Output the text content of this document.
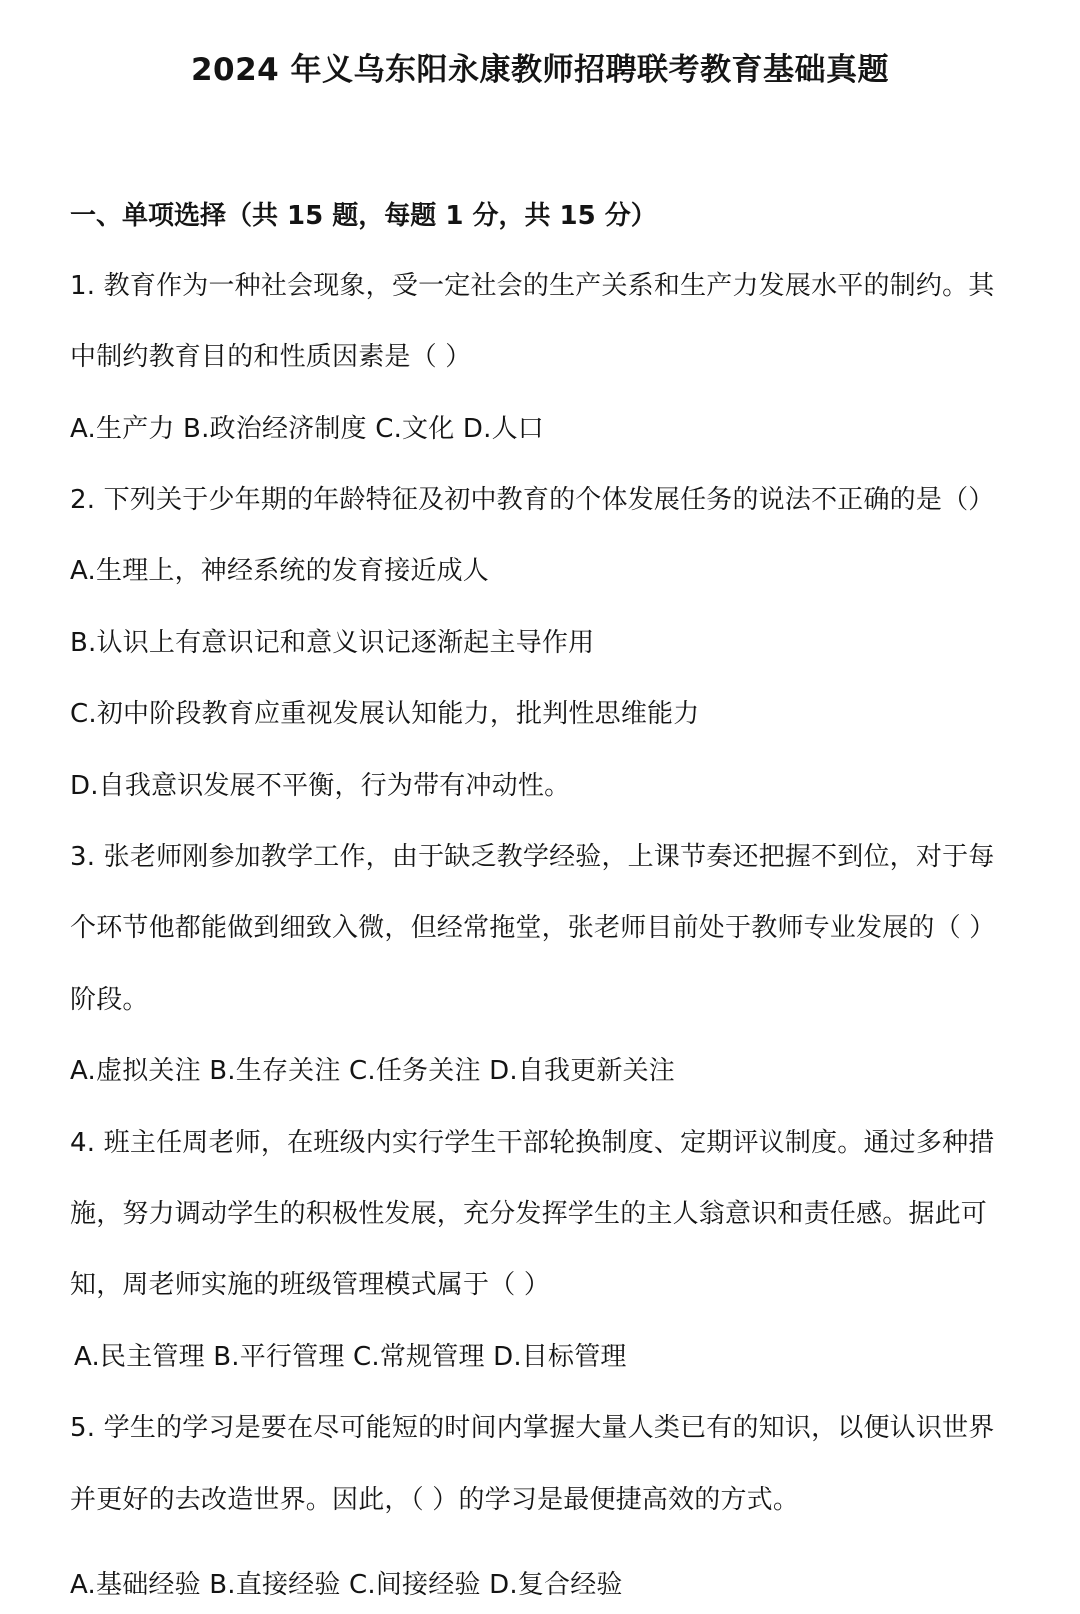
2024 年义乌东阳永康教师招聘联考教育基础真题
一、单项选择（共 15 题，每题 1 分，共 15 分）
1. 教育作为一种社会现象，受一定社会的生产关系和生产力发展水平的制约。其
中制约教育目的和性质因素是（ ）
A.生产力 B.政治经济制度 C.文化 D.人口
2. 下列关于少年期的年龄特征及初中教育的个体发展任务的说法不正确的是（）
A.生理上，神经系统的发育接近成人
B.认识上有意识记和意义识记逐渐起主导作用
C.初中阶段教育应重视发展认知能力，批判性思维能力
D.自我意识发展不平衡，行为带有冲动性。
3. 张老师刚参加教学工作，由于缺乏教学经验，上课节奏还把握不到位，对于每
个环节他都能做到细致入微，但经常拖堂，张老师目前处于教师专业发展的（ ）
阶段。
A.虚拟关注 B.生存关注 C.任务关注 D.自我更新关注
4. 班主任周老师，在班级内实行学生干部轮换制度、定期评议制度。通过多种措
施，努力调动学生的积极性发展，充分发挥学生的主人翁意识和责任感。据此可
知，周老师实施的班级管理模式属于（ ）
A.民主管理 B.平行管理 C.常规管理 D.目标管理
5. 学生的学习是要在尽可能短的时间内掌握大量人类已有的知识，以便认识世界
并更好的去改造世界。因此，（ ）的学习是最便捷高效的方式。
A.基础经验 B.直接经验 C.间接经验 D.复合经验
